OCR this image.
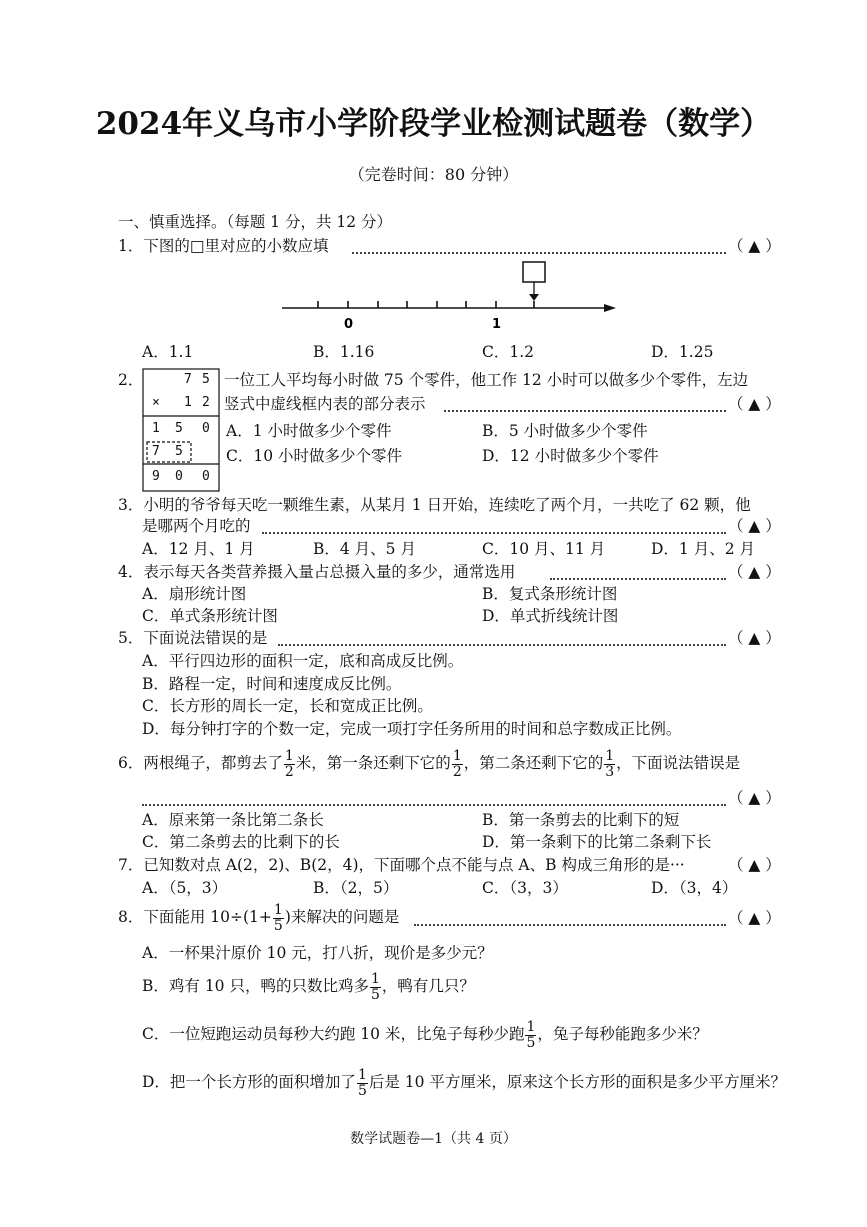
2024年义乌市小学阶段学业检测试题卷（数学）
（完卷时间：80 分钟）
一、慎重选择。（每题 1 分，共 12 分）
1．下图的□里对应的小数应填	（ ▲ ）
0	1
A．1.1	B．1.16	C．1.2	D．1.25
2．	7 5
× 1 2
1 5 0
7 5
9 0 0
一位工人平均每小时做 75 个零件，他工作 12 小时可以做多少个零件，左边
竖式中虚线框内表的部分表示	（ ▲ ）
A．1 小时做多少个零件	B．5 小时做多少个零件
C．10 小时做多少个零件	D．12 小时做多少个零件
3．小明的爷爷每天吃一颗维生素，从某月 1 日开始，连续吃了两个月，一共吃了 62 颗，他
是哪两个月吃的	（ ▲ ）
A．12 月、1 月	B．4 月、5 月	C．10 月、11 月	D．1 月、2 月
4．表示每天各类营养摄入量占总摄入量的多少，通常选用	（ ▲ ）
A．扇形统计图	B．复式条形统计图
C．单式条形统计图	D．单式折线统计图
5．下面说法错误的是	（ ▲ ）
A．平行四边形的面积一定，底和高成反比例。
B．路程一定，时间和速度成反比例。
C．长方形的周长一定，长和宽成正比例。
D．每分钟打字的个数一定，完成一项打字任务所用的时间和总字数成正比例。
6．两根绳子，都剪去了 $\frac{1}{2}$ 米，第一条还剩下它的 $\frac{1}{2}$ ，第二条还剩下它的 $\frac{1}{3}$ ，下面说法错误是
（ ▲ ）
A．原来第一条比第二条长	B．第一条剪去的比剩下的短
C．第二条剪去的比剩下的长	D．第一条剩下的比第二条剩下长
7．已知数对点 A(2，2)、B(2，4)，下面哪个点不能与点 A、B 构成三角形的是···	（ ▲ ）
A．（5，3）	B．（2，5）	C．（3，3）	D．（3，4）
8．下面能用 $10\div(1+ \frac{1}{5}$ )来解决的问题是	（ ▲ ）
A．一杯果汁原价 10 元，打八折，现价是多少元？
B．鸡有 10 只，鸭的只数比鸡多 $\frac{1}{5}$ ，鸭有几只？
C．一位短跑运动员每秒大约跑 10 米，比兔子每秒少跑 $\frac{1}{5}$ ，兔子每秒能跑多少米？
D．把一个长方形的面积增加了 $\frac{1}{5}$ 后是 10 平方厘米，原来这个长方形的面积是多少平方厘米？
数学试题卷—1（共 4 页）
